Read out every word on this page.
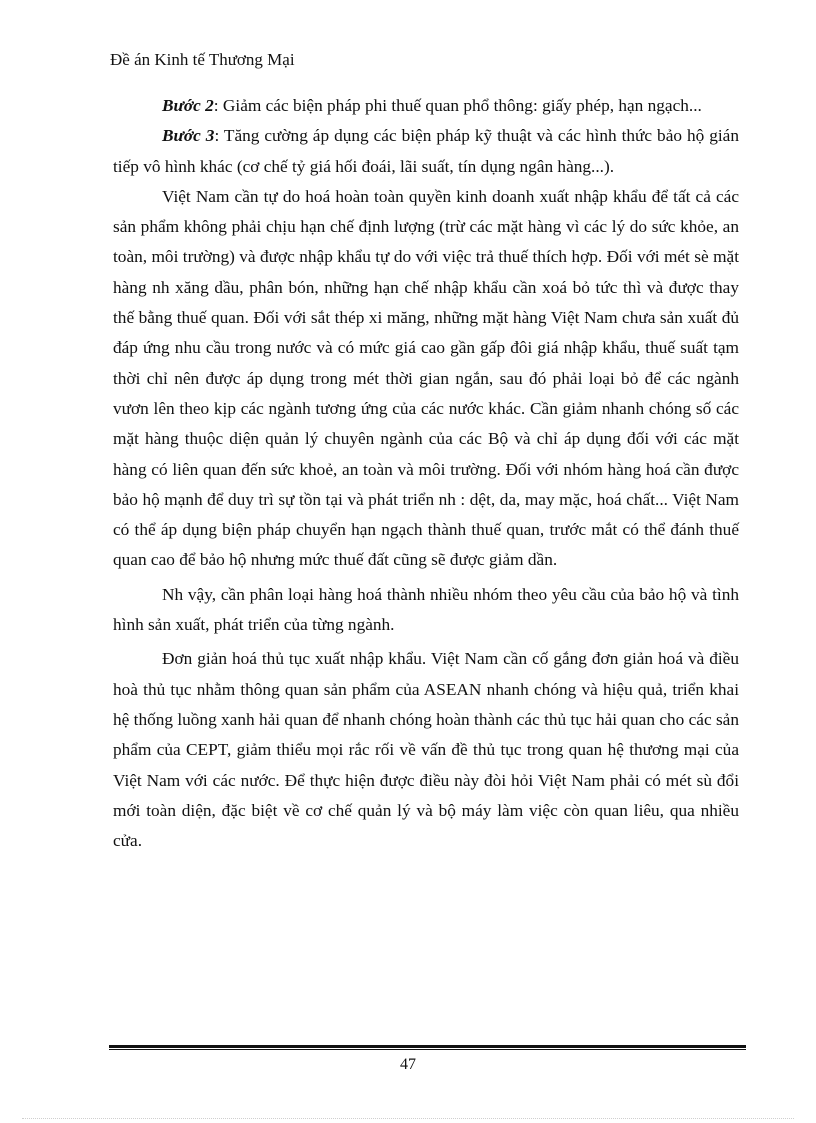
Đề án Kinh tế Thương Mại

Bước 2: Giảm các biện pháp phi thuế quan phổ thông: giấy phép, hạn ngạch...

Bước 3: Tăng cường áp dụng các biện pháp kỹ thuật và các hình thức bảo hộ gián tiếp vô hình khác (cơ chế tỷ giá hối đoái, lãi suất, tín dụng ngân hàng...).

Việt Nam cần tự do hoá hoàn toàn quyền kinh doanh xuất nhập khẩu để tất cả các sản phẩm không phải chịu hạn chế định lượng (trừ các mặt hàng vì các lý do sức khỏe, an toàn, môi trường) và được nhập khẩu tự do với việc trả thuế thích hợp. Đối với mét sè mặt hàng nh xăng dầu, phân bón, những hạn chế nhập khẩu cần xoá bỏ tức thì và được thay thế bằng thuế quan. Đối với sắt thép xi măng, những mặt hàng Việt Nam chưa sản xuất đủ đáp ứng nhu cầu trong nước và có mức giá cao gần gấp đôi giá nhập khẩu, thuế suất tạm thời chỉ nên được áp dụng trong mét thời gian ngắn, sau đó phải loại bỏ để các ngành vươn lên theo kịp các ngành tương ứng của các nước khác. Cần giảm nhanh chóng số các mặt hàng thuộc diện quản lý chuyên ngành của các Bộ và chỉ áp dụng đối với các mặt hàng có liên quan đến sức khoẻ, an toàn và môi trường. Đối với nhóm hàng hoá cần được bảo hộ mạnh để duy trì sự tồn tại và phát triển nh : dệt, da, may mặc, hoá chất... Việt Nam có thể áp dụng biện pháp chuyển hạn ngạch thành thuế quan, trước mắt có thể đánh thuế quan cao để bảo hộ nhưng mức thuế đất cũng sẽ được giảm dần.

Nh vậy, cần phân loại hàng hoá thành nhiều nhóm theo yêu cầu của bảo hộ và tình hình sản xuất, phát triển của từng ngành.

Đơn giản hoá thủ tục xuất nhập khẩu. Việt Nam cần cố gắng đơn giản hoá và điều hoà thủ tục nhằm thông quan sản phẩm của ASEAN nhanh chóng và hiệu quả, triển khai hệ thống luồng xanh hải quan để nhanh chóng hoàn thành các thủ tục hải quan cho các sản phẩm của CEPT, giảm thiểu mọi rắc rối về vấn đề thủ tục trong quan hệ thương mại của Việt Nam với các nước. Để thực hiện được điều này đòi hỏi Việt Nam phải có mét sù đổi mới toàn diện, đặc biệt về cơ chế quản lý và bộ máy làm việc còn quan liêu, qua nhiều cửa.

47
